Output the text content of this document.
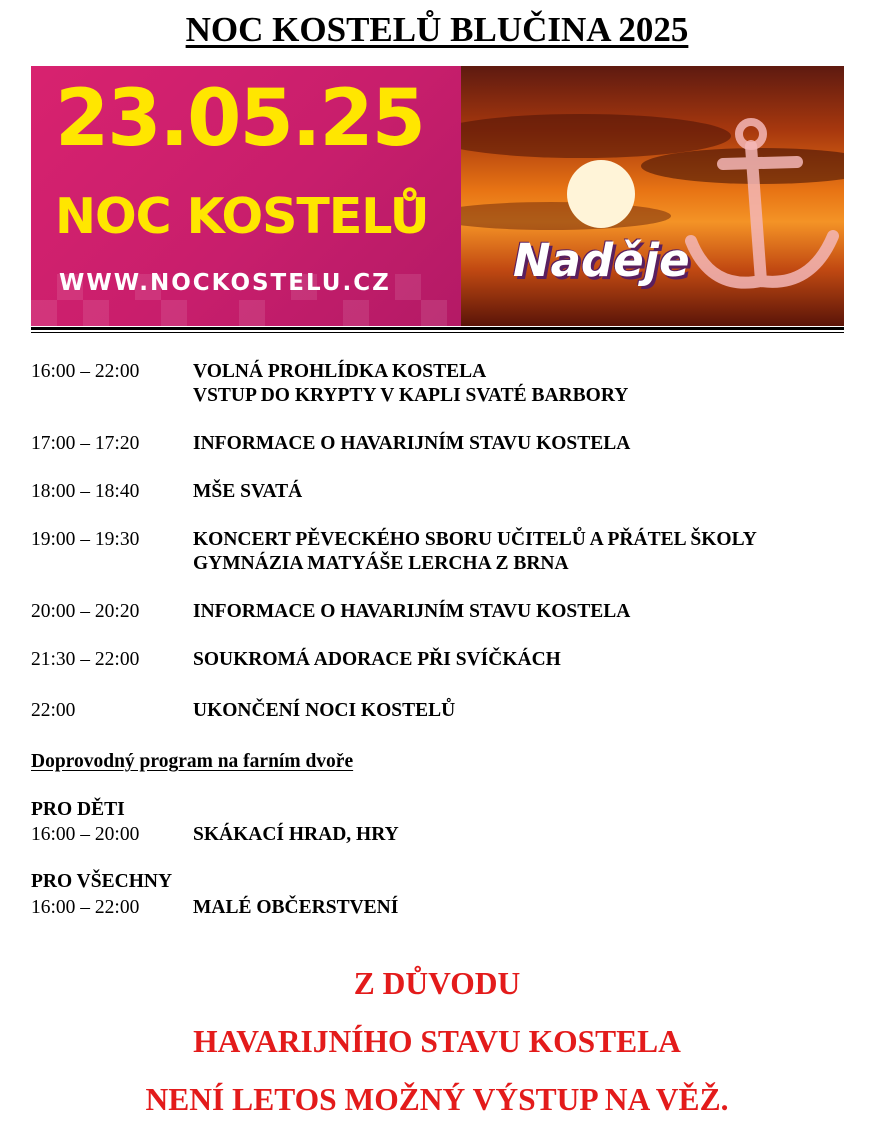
NOC KOSTELŮ BLUČINA 2025
23.05.25
NOC KOSTELŮ
WWW.NOCKOSTELU.CZ	Naděje
16:00 – 22:00	VOLNÁ PROHLÍDKA KOSTELA
VSTUP DO KRYPTY V KAPLI SVATÉ BARBORY
17:00 – 17:20	INFORMACE O HAVARIJNÍM STAVU KOSTELA
18:00 – 18:40	MŠE SVATÁ
19:00 – 19:30	KONCERT PĚVECKÉHO SBORU UČITELŮ A PŘÁTEL ŠKOLY
GYMNÁZIA MATYÁŠE LERCHA Z BRNA
20:00 – 20:20	INFORMACE O HAVARIJNÍM STAVU KOSTELA
21:30 – 22:00	SOUKROMÁ ADORACE PŘI SVÍČKÁCH
22:00	UKONČENÍ NOCI KOSTELŮ
Doprovodný program na farním dvoře
PRO DĚTI
16:00 – 20:00	SKÁKACÍ HRAD, HRY
PRO VŠECHNY
16:00 – 22:00	MALÉ OBČERSTVENÍ
Z DŮVODU
HAVARIJNÍHO STAVU KOSTELA
NENÍ LETOS MOŽNÝ VÝSTUP NA VĚŽ.
